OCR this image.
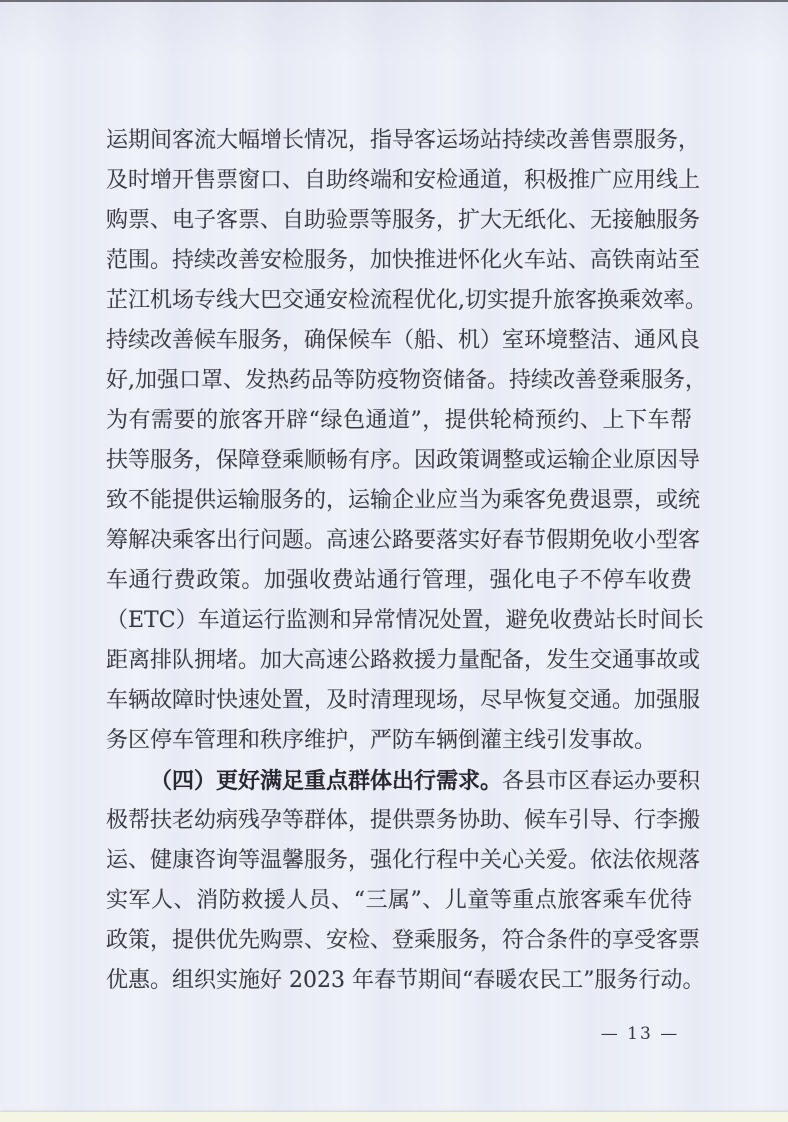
运期间客流大幅增长情况，指导客运场站持续改善售票服务，
及时增开售票窗口、自助终端和安检通道，积极推广应用线上
购票、电子客票、自助验票等服务，扩大无纸化、无接触服务
范围。持续改善安检服务，加快推进怀化火车站、高铁南站至
芷江机场专线大巴交通安检流程优化,切实提升旅客换乘效率。
持续改善候车服务，确保候车（船、机）室环境整洁、通风良
好,加强口罩、发热药品等防疫物资储备。持续改善登乘服务，
为有需要的旅客开辟“绿色通道”，提供轮椅预约、上下车帮
扶等服务，保障登乘顺畅有序。因政策调整或运输企业原因导
致不能提供运输服务的，运输企业应当为乘客免费退票，或统
筹解决乘客出行问题。高速公路要落实好春节假期免收小型客
车通行费政策。加强收费站通行管理，强化电子不停车收费
（ETC）车道运行监测和异常情况处置，避免收费站长时间长
距离排队拥堵。加大高速公路救援力量配备，发生交通事故或
车辆故障时快速处置，及时清理现场，尽早恢复交通。加强服
务区停车管理和秩序维护，严防车辆倒灌主线引发事故。
（四）更好满足重点群体出行需求。各县市区春运办要积
极帮扶老幼病残孕等群体，提供票务协助、候车引导、行李搬
运、健康咨询等温馨服务，强化行程中关心关爱。依法依规落
实军人、消防救援人员、“三属”、儿童等重点旅客乘车优待
政策，提供优先购票、安检、登乘服务，符合条件的享受客票
优惠。组织实施好 2023 年春节期间“春暖农民工”服务行动。
— 13 —
